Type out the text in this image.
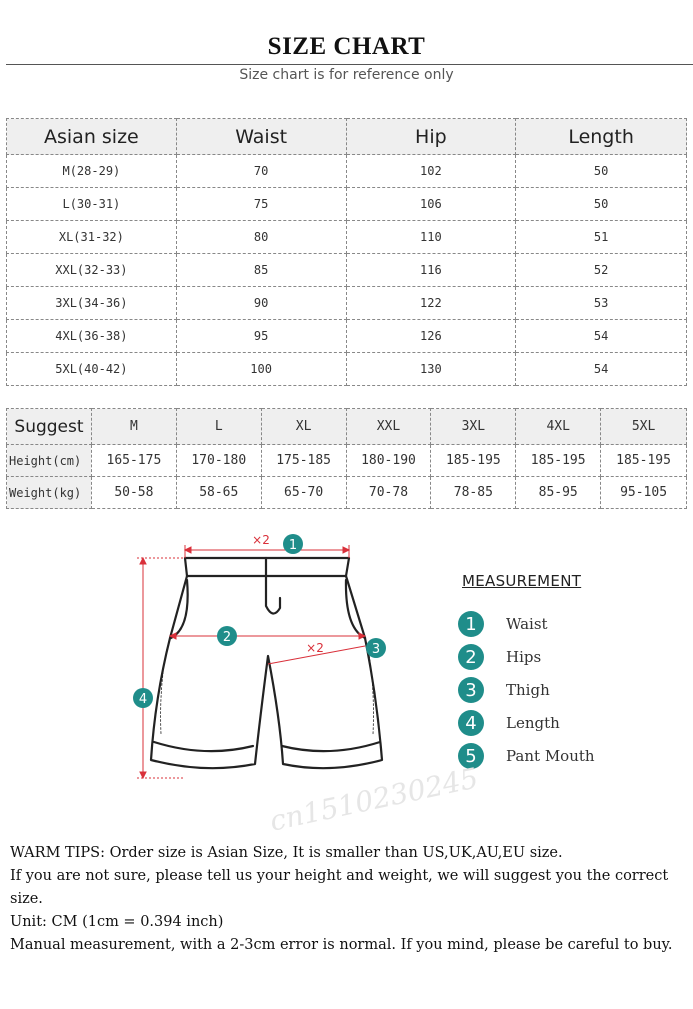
SIZE CHART
Size chart is for reference only
Asian size	Waist	Hip	Length
M(28-29)	70	102	50
L(30-31)	75	106	50
XL(31-32)	80	110	51
XXL(32-33)	85	116	52
3XL(34-36)	90	122	53
4XL(36-38)	95	126	54
5XL(40-42)	100	130	54
Suggest	M	L	XL	XXL	3XL	4XL	5XL
Height(cm)	165-175	170-180	175-185	180-190	185-195	185-195	185-195
Weight(kg)	50-58	58-65	65-70	70-78	78-85	85-95	95-105
×2
×2
1
2
3
4
MEASUREMENT
1	Waist
2	Hips
3	Thigh
4	Length
5	Pant Mouth
cn1510230245

WARM TIPS: Order size is Asian Size, It is smaller than US,UK,AU,EU size.

If you are not sure, please tell us your height and weight, we will suggest you the correct size.

Unit: CM (1cm = 0.394 inch)

Manual measurement, with a 2-3cm error is normal. If you mind, please be careful to buy.
